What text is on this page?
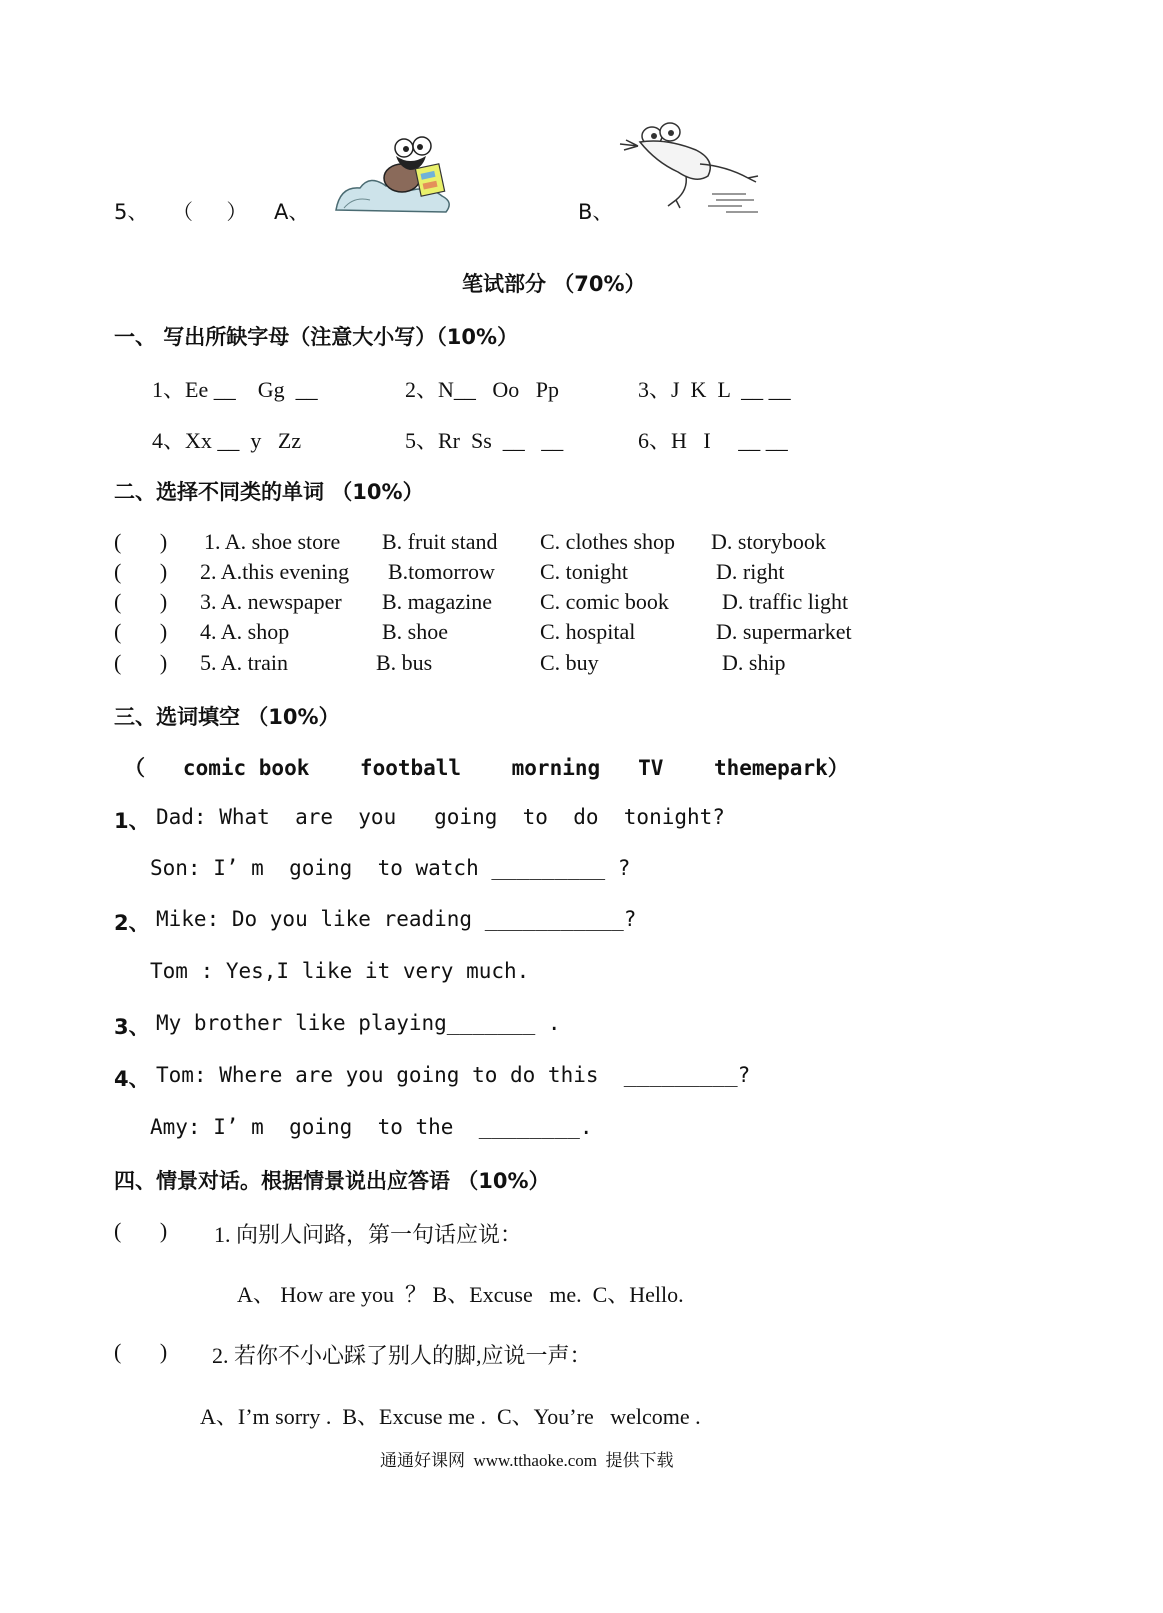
5、 （     ） A、	B、
笔试部分 （70%）
一、 写出所缺字母（注意大小写）（10%）
1、Ee __    Gg  __	2、N__   Oo   Pp	3、J  K  L  __ __
4、Xx __  y   Zz	5、Rr  Ss  __   __	6、H   I     __ __
二、选择不同类的单词 （10%）
(       ) 1. A. shoe store B. fruit stand C. clothes shop D. storybook
(       ) 2. A.this evening B.tomorrow C. tonight	D. right
(       ) 3. A. newspaper B. magazine C. comic book D. traffic light
(       ) 4. A. shop	B. shoe	C. hospital	D. supermarket
(       ) 5. A. train	B. bus	C. buy	D. ship
三、选词填空 （10%）
（   comic book    football    morning   TV    themepark）
1、 Dad: What  are  you   going  to  do  tonight?
Son: I’ m  going  to watch _________ ?
2、 Mike: Do you like reading ___________?
Tom : Yes,I like it very much.
3、 My brother like playing_______ .
4、 Tom: Where are you going to do this  _________?
Amy: I’ m  going  to the  ________.
四、情景对话。根据情景说出应答语 （10%）
(       ) 1. 向别人问路，第一句话应说：
A、 How are you  ？ B、Excuse   me.  C、Hello.
(       ) 2. 若你不小心踩了别人的脚,应说一声：
A、I’m sorry .  B、Excuse me .  C、You’re   welcome .
通通好课网  www.tthaoke.com  提供下载
